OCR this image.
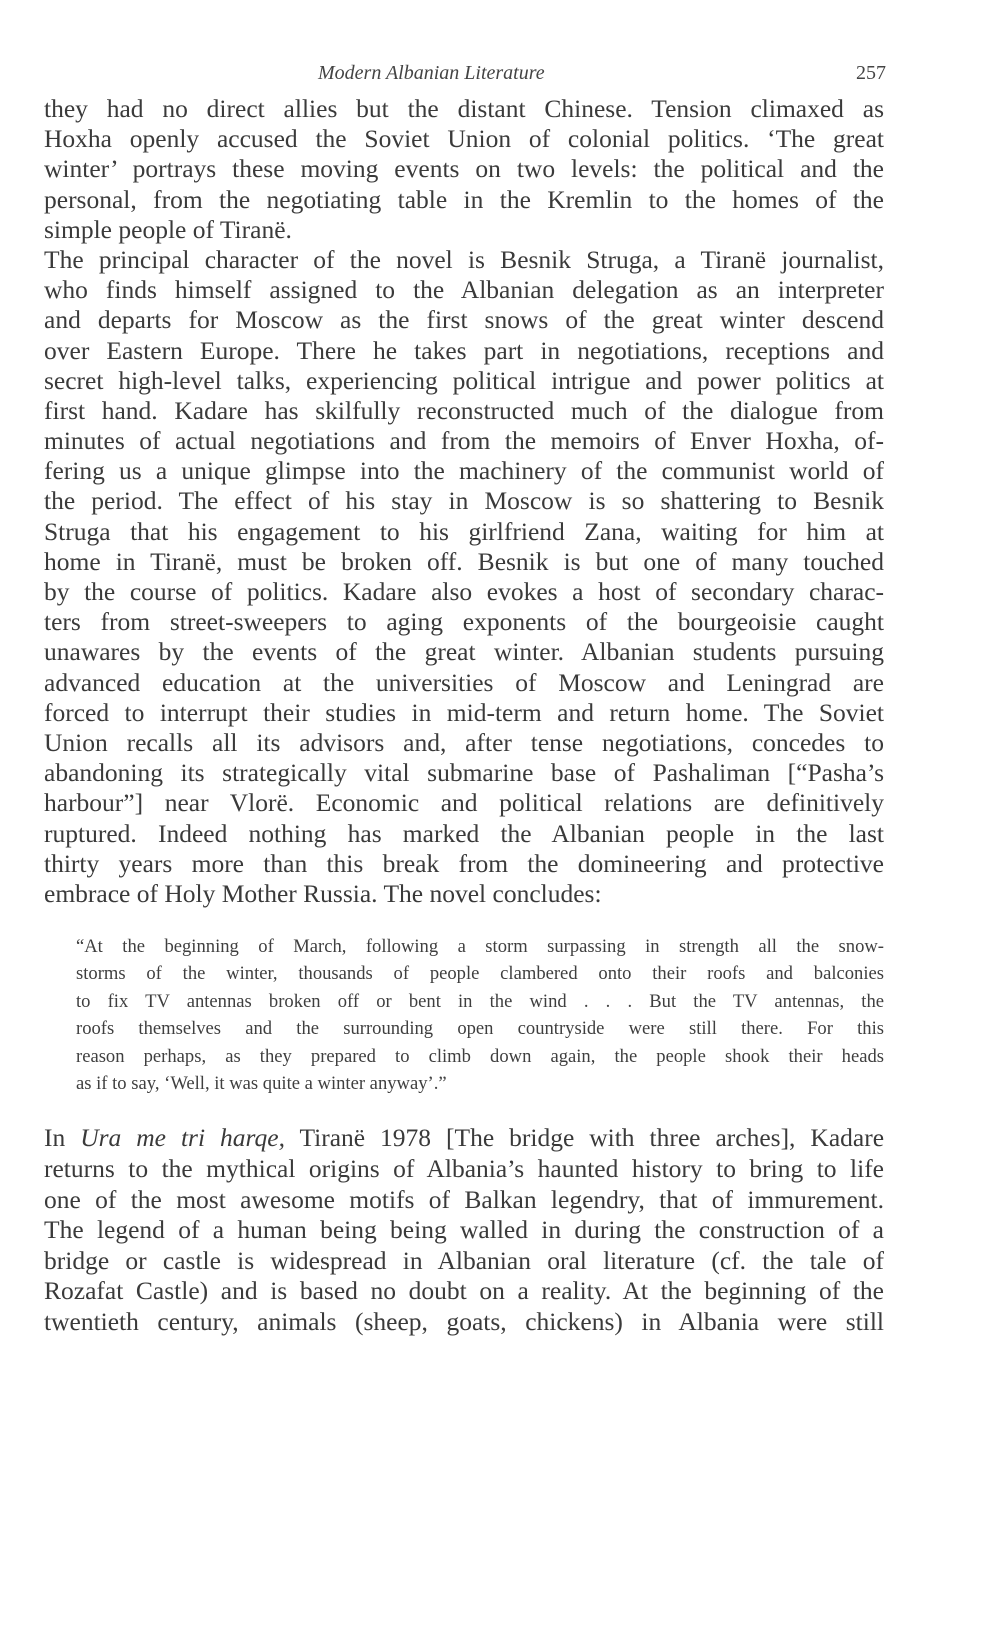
Modern Albanian Literature	257
they had no direct allies but the distant Chinese. Tension climaxed as
Hoxha openly accused the Soviet Union of colonial politics. ‘The great
winter’ portrays these moving events on two levels: the political and the
personal, from the negotiating table in the Kremlin to the homes of the
simple people of Tiranë.
The principal character of the novel is Besnik Struga, a Tiranë journalist,
who finds himself assigned to the Albanian delegation as an interpreter
and departs for Moscow as the first snows of the great winter descend
over Eastern Europe. There he takes part in negotiations, receptions and
secret high-level talks, experiencing political intrigue and power politics at
first hand. Kadare has skilfully reconstructed much of the dialogue from
minutes of actual negotiations and from the memoirs of Enver Hoxha, of-
fering us a unique glimpse into the machinery of the communist world of
the period. The effect of his stay in Moscow is so shattering to Besnik
Struga that his engagement to his girlfriend Zana, waiting for him at
home in Tiranë, must be broken off. Besnik is but one of many touched
by the course of politics. Kadare also evokes a host of secondary charac-
ters from street-sweepers to aging exponents of the bourgeoisie caught
unawares by the events of the great winter. Albanian students pursuing
advanced education at the universities of Moscow and Leningrad are
forced to interrupt their studies in mid-term and return home. The Soviet
Union recalls all its advisors and, after tense negotiations, concedes to
abandoning its strategically vital submarine base of Pashaliman [“Pasha’s
harbour”] near Vlorë. Economic and political relations are definitively
ruptured. Indeed nothing has marked the Albanian people in the last
thirty years more than this break from the domineering and protective
embrace of Holy Mother Russia. The novel concludes:
“At the beginning of March, following a storm surpassing in strength all the snow-
storms of the winter, thousands of people clambered onto their roofs and balconies
to fix TV antennas broken off or bent in the wind . . . But the TV antennas, the
roofs themselves and the surrounding open countryside were still there. For this
reason perhaps, as they prepared to climb down again, the people shook their heads
as if to say, ‘Well, it was quite a winter anyway’.”
In Ura me tri harqe, Tiranë 1978 [The bridge with three arches], Kadare
returns to the mythical origins of Albania’s haunted history to bring to life
one of the most awesome motifs of Balkan legendry, that of immurement.
The legend of a human being being walled in during the construction of a
bridge or castle is widespread in Albanian oral literature (cf. the tale of
Rozafat Castle) and is based no doubt on a reality. At the beginning of the
twentieth century, animals (sheep, goats, chickens) in Albania were still
